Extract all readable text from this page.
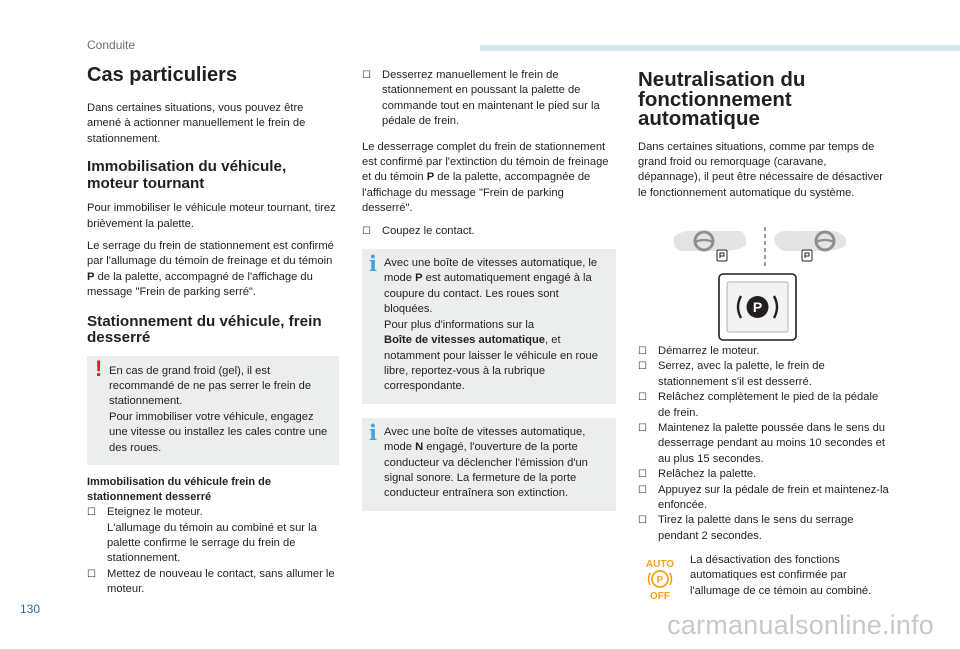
Conduite
Cas particuliers

Dans certaines situations, vous pouvez être amené à actionner manuellement le frein de stationnement.

Immobilisation du véhicule, moteur tournant

Pour immobiliser le véhicule moteur tournant, tirez brièvement la palette.

Le serrage du frein de stationnement est confirmé par l'allumage du témoin de freinage et du témoin P de la palette, accompagné de l'affichage du message "Frein de parking serré".

Stationnement du véhicule, frein desserré
! En cas de grand froid (gel), il est recommandé de ne pas serrer le frein de stationnement.
Pour immobiliser votre véhicule, engagez une vitesse ou installez les cales contre une des roues.
Immobilisation du véhicule frein de stationnement desserré
☐ Eteignez le moteur.
L'allumage du témoin au combiné et sur la palette confirme le serrage du frein de stationnement.
☐ Mettez de nouveau le contact, sans allumer le moteur.
☐ Desserrez manuellement le frein de stationnement en poussant la palette de commande tout en maintenant le pied sur la pédale de frein.

Le desserrage complet du frein de stationnement est confirmé par l'extinction du témoin de freinage et du témoin P de la palette, accompagnée de l'affichage du message "Frein de parking desserré".

☐ Coupez le contact.
i Avec une boîte de vitesses automatique, le mode P est automatiquement engagé à la coupure du contact. Les roues sont bloquées.
Pour plus d'informations sur la
Boîte de vitesses automatique, et notamment pour laisser le véhicule en roue libre, reportez-vous à la rubrique correspondante.
i Avec une boîte de vitesses automatique, mode N engagé, l'ouverture de la porte conducteur va déclencher l'émission d'un signal sonore. La fermeture de la porte conducteur entraînera son extinction.
Neutralisation du
fonctionnement
automatique

Dans certaines situations, comme par temps de grand froid ou remorquage (caravane, dépannage), il peut être nécessaire de désactiver le fonctionnement automatique du système.

P
☐ Démarrez le moteur.
☐ Serrez, avec la palette, le frein de stationnement s'il est desserré.
☐ Relâchez complètement le pied de la pédale de frein.
☐ Maintenez la palette poussée dans le sens du desserrage pendant au moins 10 secondes et au plus 15 secondes.
☐ Relâchez la palette.
☐ Appuyez sur la pédale de frein et maintenez-la enfoncée.
☐ Tirez la palette dans le sens du serrage pendant 2 secondes.
AUTO
P
OFF
La désactivation des fonctions automatiques est confirmée par l'allumage de ce témoin au combiné.
130
carmanualsonline.info
